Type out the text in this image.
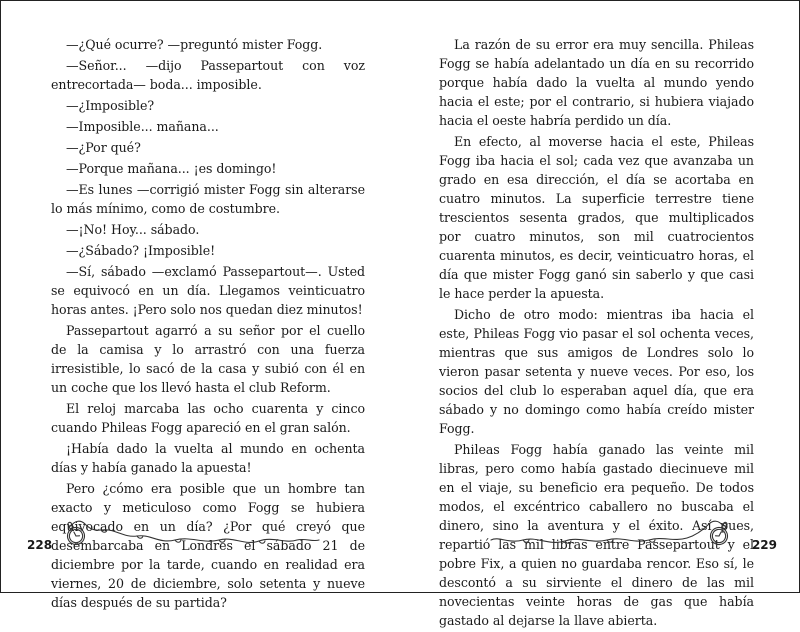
—¿Qué ocurre? —preguntó mister Fogg.

—Señor... —dijo Passepartout con voz entrecortada— boda... imposible.

—¿Imposible?

—Imposible... mañana...

—¿Por qué?

—Porque mañana... ¡es domingo!

—Es lunes —corrigió mister Fogg sin alterarse lo más mínimo, como de costumbre.

—¡No! Hoy... sábado.

—¿Sábado? ¡Imposible!

—Sí, sábado —exclamó Passepartout—. Usted se equivocó en un día. Llegamos veinticuatro horas antes. ¡Pero solo nos quedan diez minutos!

Passepartout agarró a su señor por el cuello de la camisa y lo arrastró con una fuerza irresistible, lo sacó de la casa y subió con él en un coche que los llevó hasta el club Reform.

El reloj marcaba las ocho cuarenta y cinco cuando Phileas Fogg apareció en el gran salón.

¡Había dado la vuelta al mundo en ochenta días y había ganado la apuesta!

Pero ¿cómo era posible que un hombre tan exacto y meticuloso como Fogg se hubiera equivocado en un día? ¿Por qué creyó que desembarcaba en Londres el sábado 21 de diciembre por la tarde, cuando en realidad era viernes, 20 de diciembre, solo setenta y nueve días después de su partida?

La razón de su error era muy sencilla. Phileas Fogg se había adelantado un día en su recorrido porque había dado la vuelta al mundo yendo hacia el este; por el contrario, si hubiera viajado hacia el oeste habría perdido un día.

En efecto, al moverse hacia el este, Phileas Fogg iba hacia el sol; cada vez que avanzaba un grado en esa dirección, el día se acortaba en cuatro minutos. La superficie terrestre tiene trescientos sesenta grados, que multiplicados por cuatro minutos, son mil cuatrocientos cuarenta minutos, es decir, veinticuatro horas, el día que mister Fogg ganó sin saberlo y que casi le hace perder la apuesta.

Dicho de otro modo: mientras iba hacia el este, Phileas Fogg vio pasar el sol ochenta veces, mientras que sus amigos de Londres solo lo vieron pasar setenta y nueve veces. Por eso, los socios del club lo esperaban aquel día, que era sábado y no domingo como había creído mister Fogg.

Phileas Fogg había ganado las veinte mil libras, pero como había gastado diecinueve mil en el viaje, su beneficio era pequeño. De todos modos, el excéntrico caballero no buscaba el dinero, sino la aventura y el éxito. Así pues, repartió las mil libras entre Passepartout y el pobre Fix, a quien no guardaba rencor. Eso sí, le descontó a su sirviente el dinero de las mil novecientas veinte horas de gas que había gastado al dejarse la llave abierta.

228	229
